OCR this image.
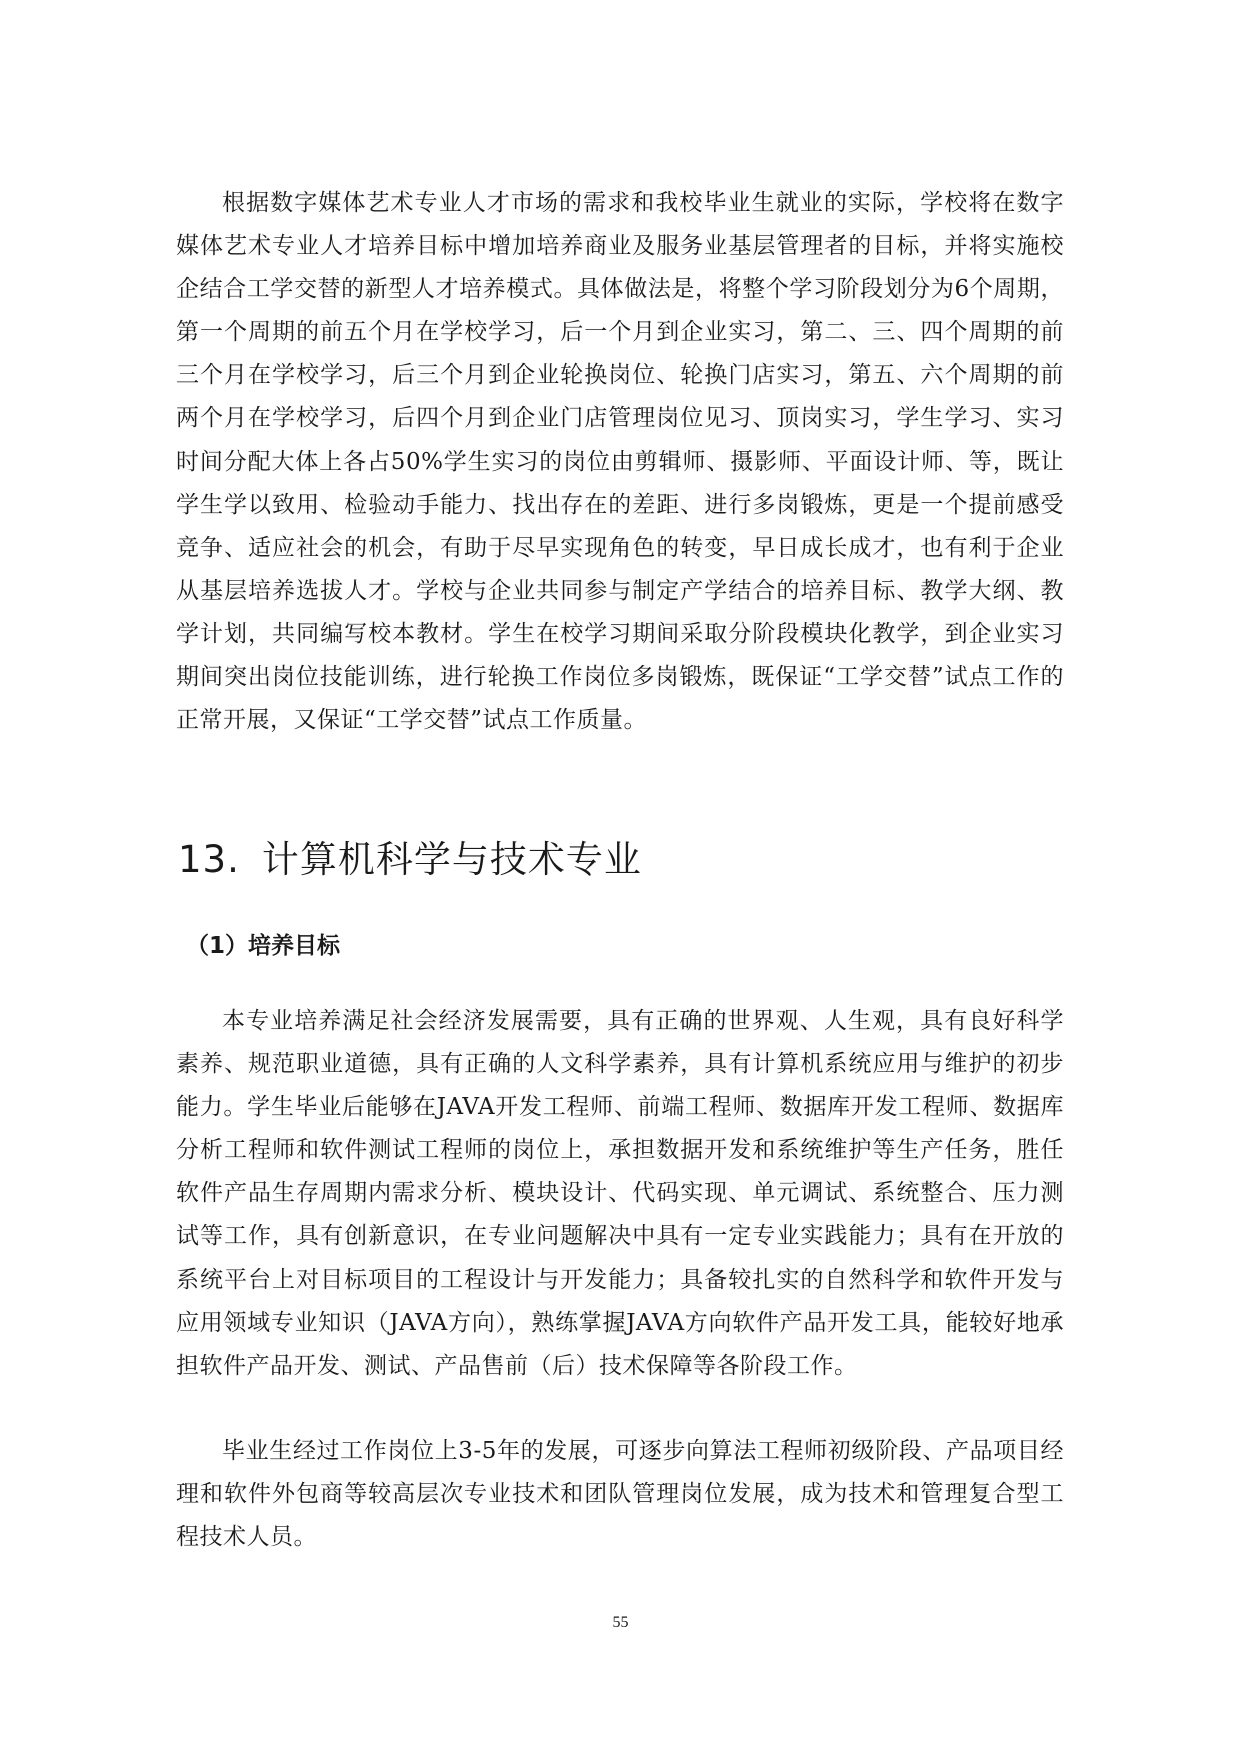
根据数字媒体艺术专业人才市场的需求和我校毕业生就业的实际，学校将在数字媒体艺术专业人才培养目标中增加培养商业及服务业基层管理者的目标，并将实施校企结合工学交替的新型人才培养模式。具体做法是，将整个学习阶段划分为6个周期，第一个周期的前五个月在学校学习，后一个月到企业实习，第二、三、四个周期的前三个月在学校学习，后三个月到企业轮换岗位、轮换门店实习，第五、六个周期的前两个月在学校学习，后四个月到企业门店管理岗位见习、顶岗实习，学生学习、实习时间分配大体上各占50%学生实习的岗位由剪辑师、摄影师、平面设计师、等，既让学生学以致用、检验动手能力、找出存在的差距、进行多岗锻炼，更是一个提前感受竞争、适应社会的机会，有助于尽早实现角色的转变，早日成长成才，也有利于企业从基层培养选拔人才。学校与企业共同参与制定产学结合的培养目标、教学大纲、教学计划，共同编写校本教材。学生在校学习期间采取分阶段模块化教学，到企业实习期间突出岗位技能训练，进行轮换工作岗位多岗锻炼，既保证“工学交替”试点工作的正常开展，又保证“工学交替”试点工作质量。

13. 计算机科学与技术专业
（1）培养目标

本专业培养满足社会经济发展需要，具有正确的世界观、人生观，具有良好科学素养、规范职业道德，具有正确的人文科学素养，具有计算机系统应用与维护的初步能力。学生毕业后能够在JAVA开发工程师、前端工程师、数据库开发工程师、数据库分析工程师和软件测试工程师的岗位上，承担数据开发和系统维护等生产任务，胜任软件产品生存周期内需求分析、模块设计、代码实现、单元调试、系统整合、压力测试等工作，具有创新意识，在专业问题解决中具有一定专业实践能力；具有在开放的系统平台上对目标项目的工程设计与开发能力；具备较扎实的自然科学和软件开发与应用领域专业知识（JAVA方向），熟练掌握JAVA方向软件产品开发工具，能较好地承担软件产品开发、测试、产品售前（后）技术保障等各阶段工作。

毕业生经过工作岗位上3-5年的发展，可逐步向算法工程师初级阶段、产品项目经理和软件外包商等较高层次专业技术和团队管理岗位发展，成为技术和管理复合型工程技术人员。

55
